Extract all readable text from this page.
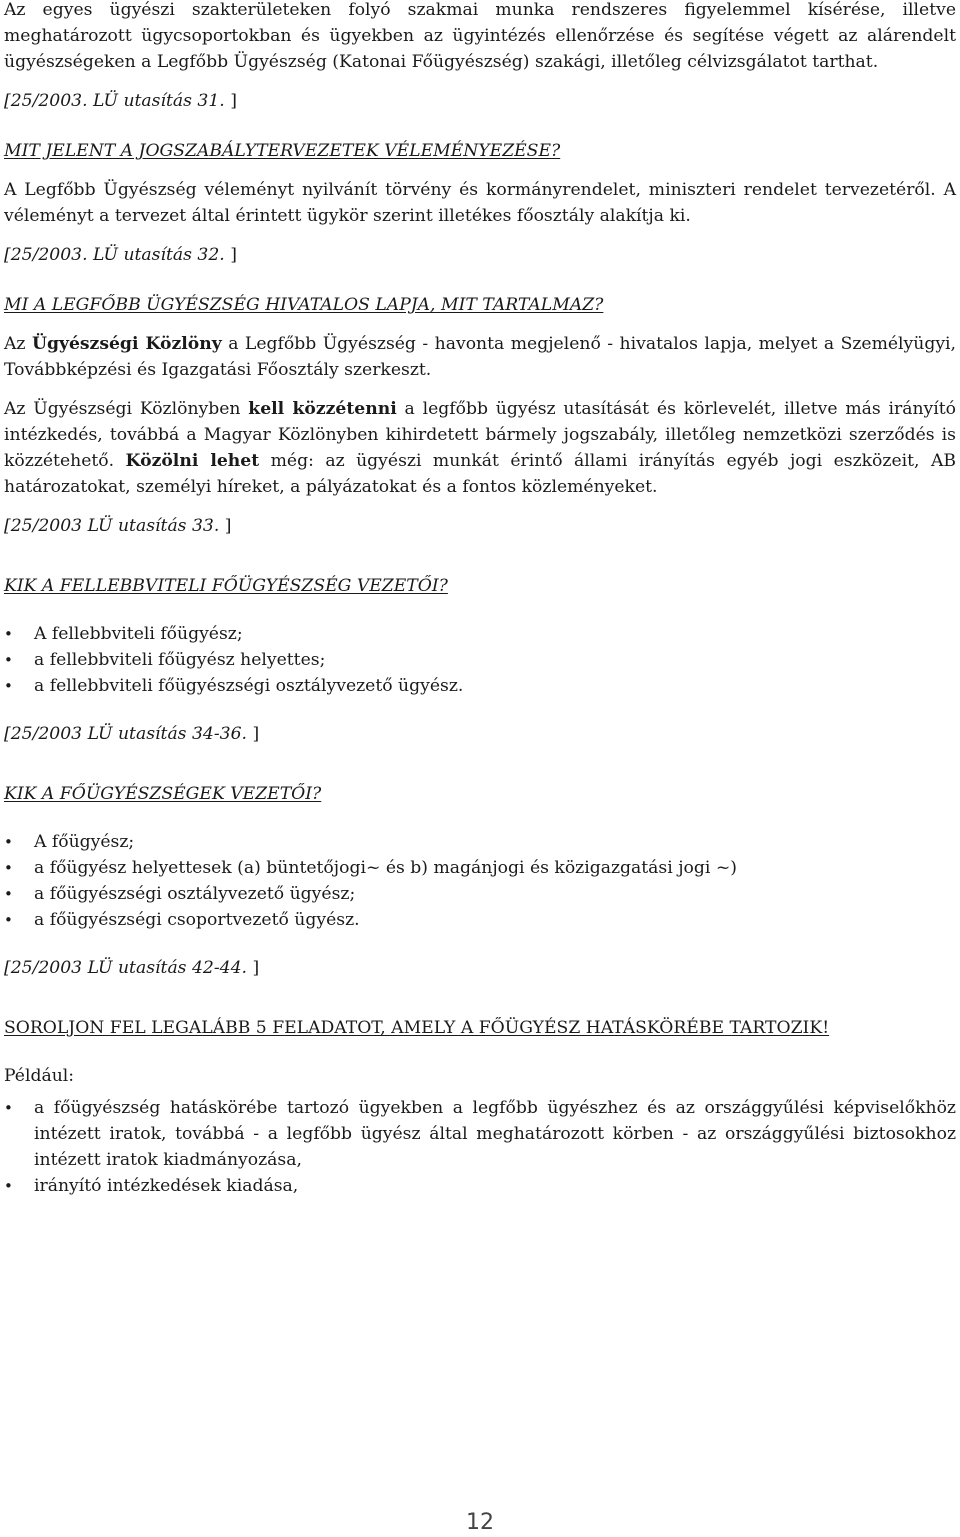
Az egyes ügyészi szakterületeken folyó szakmai munka rendszeres figyelemmel kísérése, illetve meghatározott ügycsoportokban és ügyekben az ügyintézés ellenőrzése és segítése végett az alárendelt ügyészségeken a Legfőbb Ügyészség (Katonai Főügyészség) szakági, illetőleg célvizsgálatot tarthat.

[25/2003. LÜ utasítás 31. ]

MIT JELENT A JOGSZABÁLYTERVEZETEK VÉLEMÉNYEZÉSE?

A Legfőbb Ügyészség véleményt nyilvánít törvény és kormányrendelet, miniszteri rendelet tervezetéről. A véleményt a tervezet által érintett ügykör szerint illetékes főosztály alakítja ki.

[25/2003. LÜ utasítás 32. ]

MI A LEGFŐBB ÜGYÉSZSÉG HIVATALOS LAPJA, MIT TARTALMAZ?

Az Ügyészségi Közlöny a Legfőbb Ügyészség - havonta megjelenő - hivatalos lapja, melyet a Személyügyi, Továbbképzési és Igazgatási Főosztály szerkeszt.

Az Ügyészségi Közlönyben kell közzétenni a legfőbb ügyész utasítását és körlevelét, illetve más irányító intézkedés, továbbá a Magyar Közlönyben kihirdetett bármely jogszabály, illetőleg nemzetközi szerződés is közzétehető. Közölni lehet még: az ügyészi munkát érintő állami irányítás egyéb jogi eszközeit, AB határozatokat, személyi híreket, a pályázatokat és a fontos közleményeket.

[25/2003 LÜ utasítás 33. ]

KIK A FELLEBBVITELI FŐÜGYÉSZSÉG VEZETŐI?

•	A fellebbviteli főügyész;
•	a fellebbviteli főügyész helyettes;
•	a fellebbviteli főügyészségi osztályvezető ügyész.

[25/2003 LÜ utasítás 34-36. ]

KIK A FŐÜGYÉSZSÉGEK VEZETŐI?

•	A főügyész;
•	a főügyész helyettesek (a) büntetőjogi~ és b) magánjogi és közigazgatási jogi ~)
•	a főügyészségi osztályvezető ügyész;
•	a főügyészségi csoportvezető ügyész.

[25/2003 LÜ utasítás 42-44. ]

SOROLJON FEL LEGALÁBB 5 FELADATOT, AMELY A FŐÜGYÉSZ HATÁSKÖRÉBE TARTOZIK!

Például:

•	a főügyészség hatáskörébe tartozó ügyekben a legfőbb ügyészhez és az országgyűlési képviselőkhöz intézett iratok, továbbá - a legfőbb ügyész által meghatározott körben - az országgyűlési biztosokhoz intézett iratok kiadmányozása,
•	irányító intézkedések kiadása,
12
